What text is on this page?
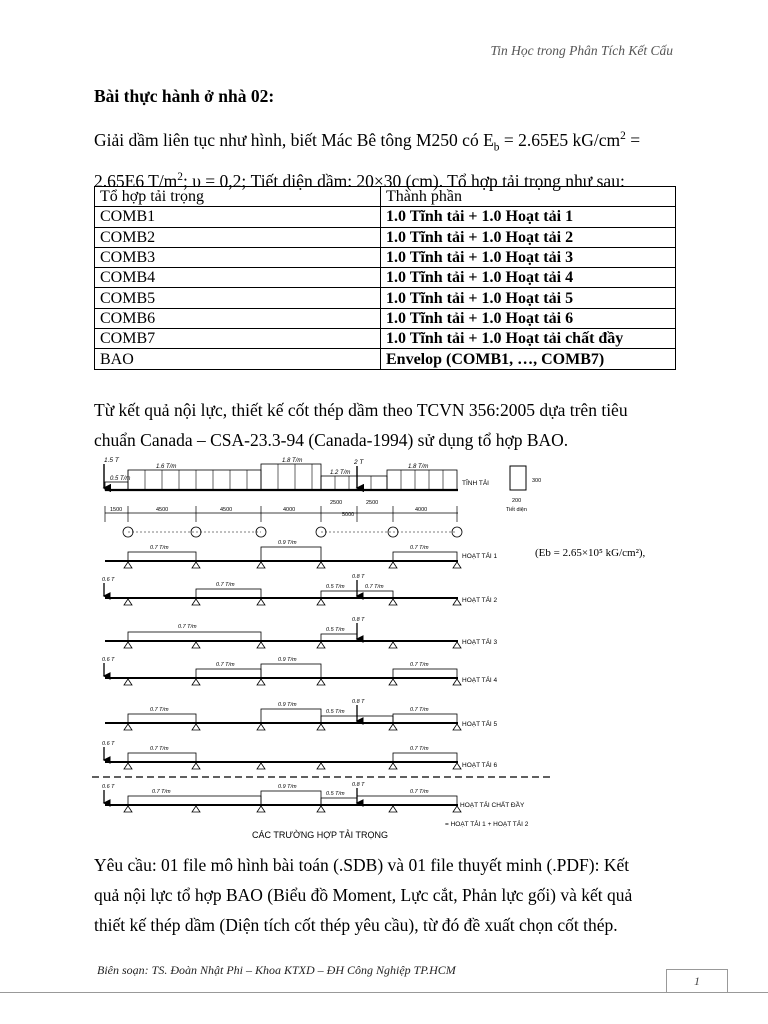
Tin Học trong Phân Tích Kết Cấu
Bài thực hành ở nhà 02:
Giải dầm liên tục như hình, biết Mác Bê tông M250 có $E_b = 2.65E5$ $kG/cm^2$ =
2.65E6 $T/m^2$; υ = 0,2; Tiết diện dầm: 20×30 (cm). Tổ hợp tải trọng như sau:
Tổ hợp tải trọng	Thành phần
COMB1	1.0 Tĩnh tải + 1.0 Hoạt tải 1
COMB2	1.0 Tĩnh tải + 1.0 Hoạt tải 2
COMB3	1.0 Tĩnh tải + 1.0 Hoạt tải 3
COMB4	1.0 Tĩnh tải + 1.0 Hoạt tải 4
COMB5	1.0 Tĩnh tải + 1.0 Hoạt tải 5
COMB6	1.0 Tĩnh tải + 1.0 Hoạt tải 6
COMB7	1.0 Tĩnh tải + 1.0 Hoạt tải chất đầy
BAO	Envelop (COMB1, …, COMB7)
Từ kết quả nội lực, thiết kế cốt thép dầm theo TCVN 356:2005 dựa trên tiêu
chuẩn Canada – CSA-23.3-94 (Canada-1994) sử dụng tổ hợp BAO.
1.5 T
0.5 T/m
1.6 T/m
1.8 T/m	2 T
1.2 T/m
1.8 T/m
TĨNH TẢI	300
200
Tiết diện
1500	4500	4500	4000
2500	2500
5000
4000
(Eb = 2.65×10⁵ kG/cm²),
0.7 T/m
0.9 T/m
0.7 T/m
HOẠT TẢI 1
0.6 T
0.7 T/m	0.5 T/m
0.8 T
0.7 T/m
HOẠT TẢI 2
0.7 T/m	0.5 T/m
0.8 T
HOẠT TẢI 3
0.6 T
0.7 T/m
0.9 T/m
0.7 T/m
HOẠT TẢI 4
0.7 T/m
0.9 T/m
0.5 T/m
0.8 T
0.7 T/m
HOẠT TẢI 5
0.6 T
0.7 T/m	0.7 T/m
HOẠT TẢI 6
0.6 T
0.7 T/m
0.9 T/m
0.5 T/m
0.8 T
0.7 T/m
HOẠT TẢI CHẤT ĐẦY
= HOẠT TẢI 1 + HOẠT TẢI 2
CÁC TRƯỜNG HỢP TẢI TRỌNG
Yêu cầu: 01 file mô hình bài toán (.SDB) và 01 file thuyết minh (.PDF): Kết
quả nội lực tổ hợp BAO (Biểu đồ Moment, Lực cắt, Phản lực gối) và kết quả
thiết kế thép dầm (Diện tích cốt thép yêu cầu), từ đó đề xuất chọn cốt thép.
Biên soạn: TS. Đoàn Nhật Phi – Khoa KTXD – ĐH Công Nghiệp TP.HCM
1
